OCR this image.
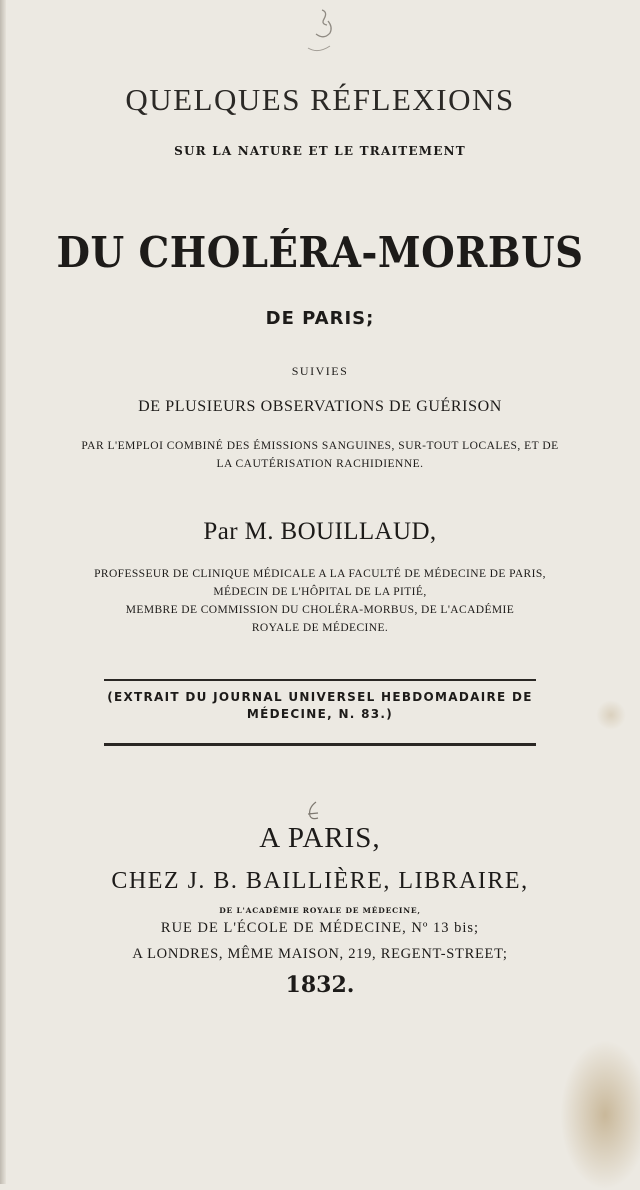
QUELQUES RÉFLEXIONS
SUR LA NATURE ET LE TRAITEMENT
DU CHOLÉRA-MORBUS
DE PARIS;
SUIVIES
DE PLUSIEURS OBSERVATIONS DE GUÉRISON
PAR L'EMPLOI COMBINÉ DES ÉMISSIONS SANGUINES, SUR-TOUT LOCALES, ET DE
LA CAUTÉRISATION RACHIDIENNE.
Par M. BOUILLAUD,
PROFESSEUR DE CLINIQUE MÉDICALE A LA FACULTÉ DE MÉDECINE DE PARIS,
MÉDECIN DE L'HÔPITAL DE LA PITIÉ,
MEMBRE DE COMMISSION DU CHOLÉRA-MORBUS, DE L'ACADÉMIE
ROYALE DE MÉDECINE.
(EXTRAIT DU JOURNAL UNIVERSEL HEBDOMADAIRE DE
MÉDECINE, N. 83.)
A PARIS,
CHEZ J. B. BAILLIÈRE, LIBRAIRE,
DE L'ACADÉMIE ROYALE DE MÉDECINE,
RUE DE L'ÉCOLE DE MÉDECINE, Nº 13 bis;
A LONDRES, MÊME MAISON, 219, REGENT-STREET;
1832.
